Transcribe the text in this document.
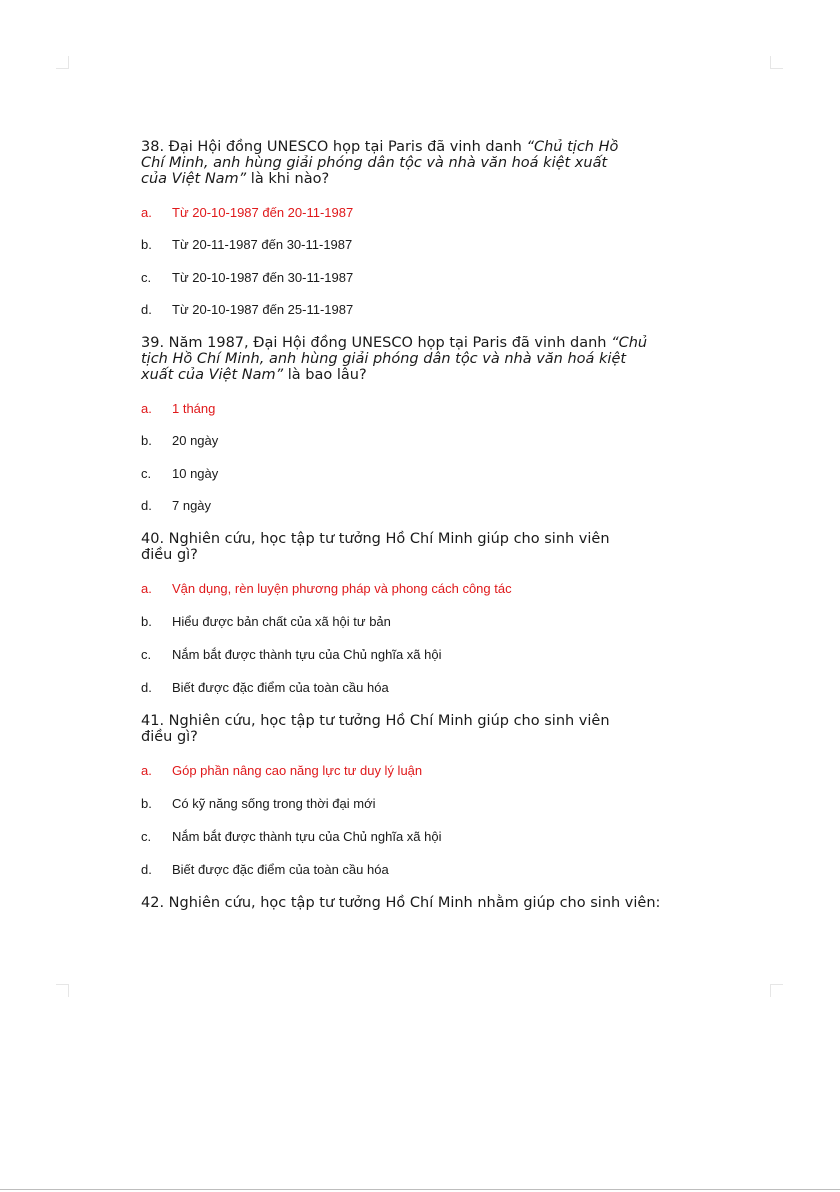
38. Đại Hội đồng UNESCO họp tại Paris đã vinh danh “Chủ tịch Hồ
Chí Minh, anh hùng giải phóng dân tộc và nhà văn hoá kiệt xuất
của Việt Nam” là khi nào?

a.	Từ 20-10-1987 đến 20-11-1987
b.	Từ 20-11-1987 đến 30-11-1987
c.	Từ 20-10-1987 đến 30-11-1987
d.	Từ 20-10-1987 đến 25-11-1987

39. Năm 1987, Đại Hội đồng UNESCO họp tại Paris đã vinh danh “Chủ
tịch Hồ Chí Minh, anh hùng giải phóng dân tộc và nhà văn hoá kiệt
xuất của Việt Nam” là bao lâu?

a.	1 tháng
b.	20 ngày
c.	10 ngày
d.	7 ngày

40. Nghiên cứu, học tập tư tưởng Hồ Chí Minh giúp cho sinh viên
điều gì?

a.	Vận dụng, rèn luyện phương pháp và phong cách công tác
b.	Hiểu được bản chất của xã hội tư bản
c.	Nắm bắt được thành tựu của Chủ nghĩa xã hội
d.	Biết được đặc điểm của toàn cầu hóa

41. Nghiên cứu, học tập tư tưởng Hồ Chí Minh giúp cho sinh viên
điều gì?

a.	Góp phần nâng cao năng lực tư duy lý luận
b.	Có kỹ năng sống trong thời đại mới
c.	Nắm bắt được thành tựu của Chủ nghĩa xã hội
d.	Biết được đặc điểm của toàn cầu hóa

42. Nghiên cứu, học tập tư tưởng Hồ Chí Minh nhằm giúp cho sinh viên:
